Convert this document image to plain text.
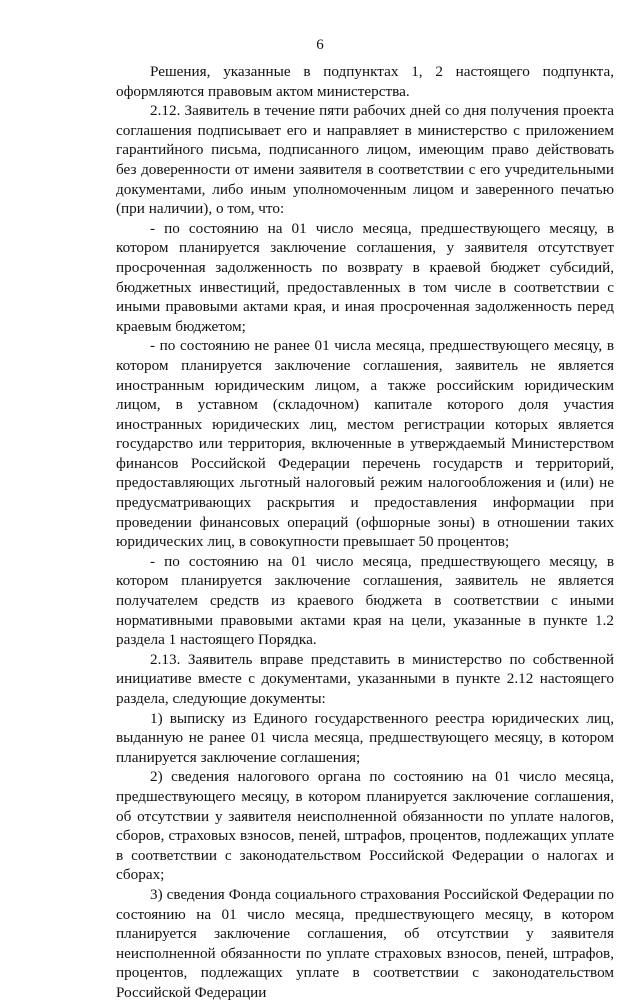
6

Решения, указанные в подпунктах 1, 2 настоящего подпункта, оформляются правовым актом министерства.

2.12. Заявитель в течение пяти рабочих дней со дня получения проекта соглашения подписывает его и направляет в министерство с приложением гарантийного письма, подписанного лицом, имеющим право действовать без доверенности от имени заявителя в соответствии с его учредительными документами, либо иным уполномоченным лицом и заверенного печатью (при наличии), о том, что:

- по состоянию на 01 число месяца, предшествующего месяцу, в котором планируется заключение соглашения, у заявителя отсутствует просроченная задолженность по возврату в краевой бюджет субсидий, бюджетных инвестиций, предоставленных в том числе в соответствии с иными правовыми актами края, и иная просроченная задолженность перед краевым бюджетом;

- по состоянию не ранее 01 числа месяца, предшествующего месяцу, в котором планируется заключение соглашения, заявитель не является иностранным юридическим лицом, а также российским юридическим лицом, в уставном (складочном) капитале которого доля участия иностранных юридических лиц, местом регистрации которых является государство или территория, включенные в утверждаемый Министерством финансов Российской Федерации перечень государств и территорий, предоставляющих льготный налоговый режим налогообложения и (или) не предусматривающих раскрытия и предоставления информации при проведении финансовых операций (офшорные зоны) в отношении таких юридических лиц, в совокупности превышает 50 процентов;

- по состоянию на 01 число месяца, предшествующего месяцу, в котором планируется заключение соглашения, заявитель не является получателем средств из краевого бюджета в соответствии с иными нормативными правовыми актами края на цели, указанные в пункте 1.2 раздела 1 настоящего Порядка.

2.13. Заявитель вправе представить в министерство по собственной инициативе вместе с документами, указанными в пункте 2.12 настоящего раздела, следующие документы:

1) выписку из Единого государственного реестра юридических лиц, выданную не ранее 01 числа месяца, предшествующего месяцу, в котором планируется заключение соглашения;

2) сведения налогового органа по состоянию на 01 число месяца, предшествующего месяцу, в котором планируется заключение соглашения, об отсутствии у заявителя неисполненной обязанности по уплате налогов, сборов, страховых взносов, пеней, штрафов, процентов, подлежащих уплате в соответствии с законодательством Российской Федерации о налогах и сборах;

3) сведения Фонда социального страхования Российской Федерации по состоянию на 01 число месяца, предшествующего месяцу, в котором планируется заключение соглашения, об отсутствии у заявителя неисполненной обязанности по уплате страховых взносов, пеней, штрафов, процентов, подлежащих уплате в соответствии с законодательством Российской Федерации
